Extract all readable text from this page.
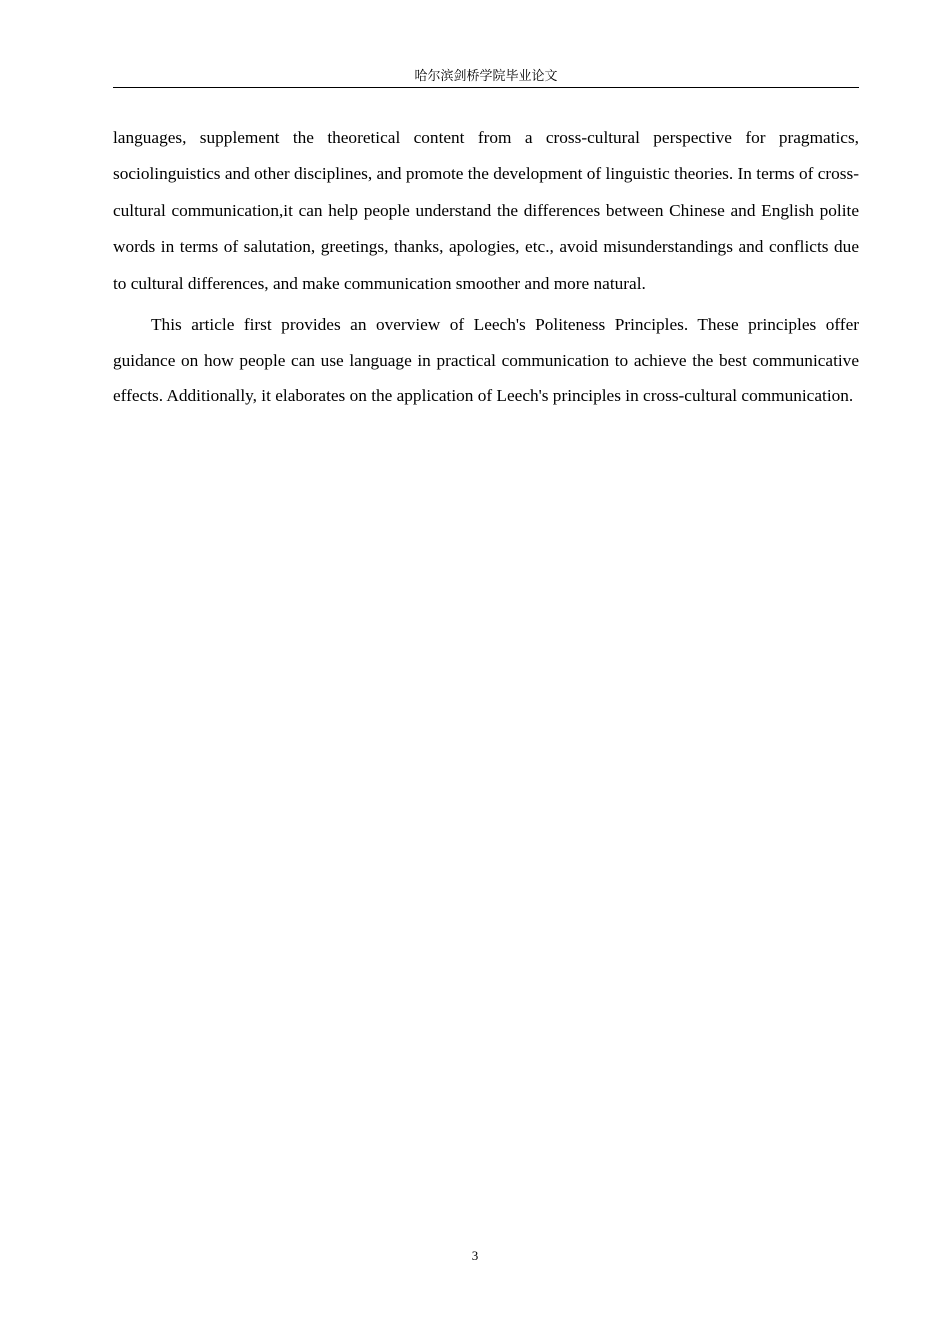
哈尔滨剑桥学院毕业论文

languages, supplement the theoretical content from a cross-cultural perspective for pragmatics, sociolinguistics and other disciplines, and promote the development of linguistic theories. In terms of cross-cultural communication,it can help people understand the differences between Chinese and English polite words in terms of salutation, greetings, thanks, apologies, etc., avoid misunderstandings and conflicts due to cultural differences, and make communication smoother and more natural.

This article first provides an overview of Leech's Politeness Principles. These principles offer guidance on how people can use language in practical communication to achieve the best communicative effects. Additionally, it elaborates on the application of Leech's principles in cross-cultural communication.

3
